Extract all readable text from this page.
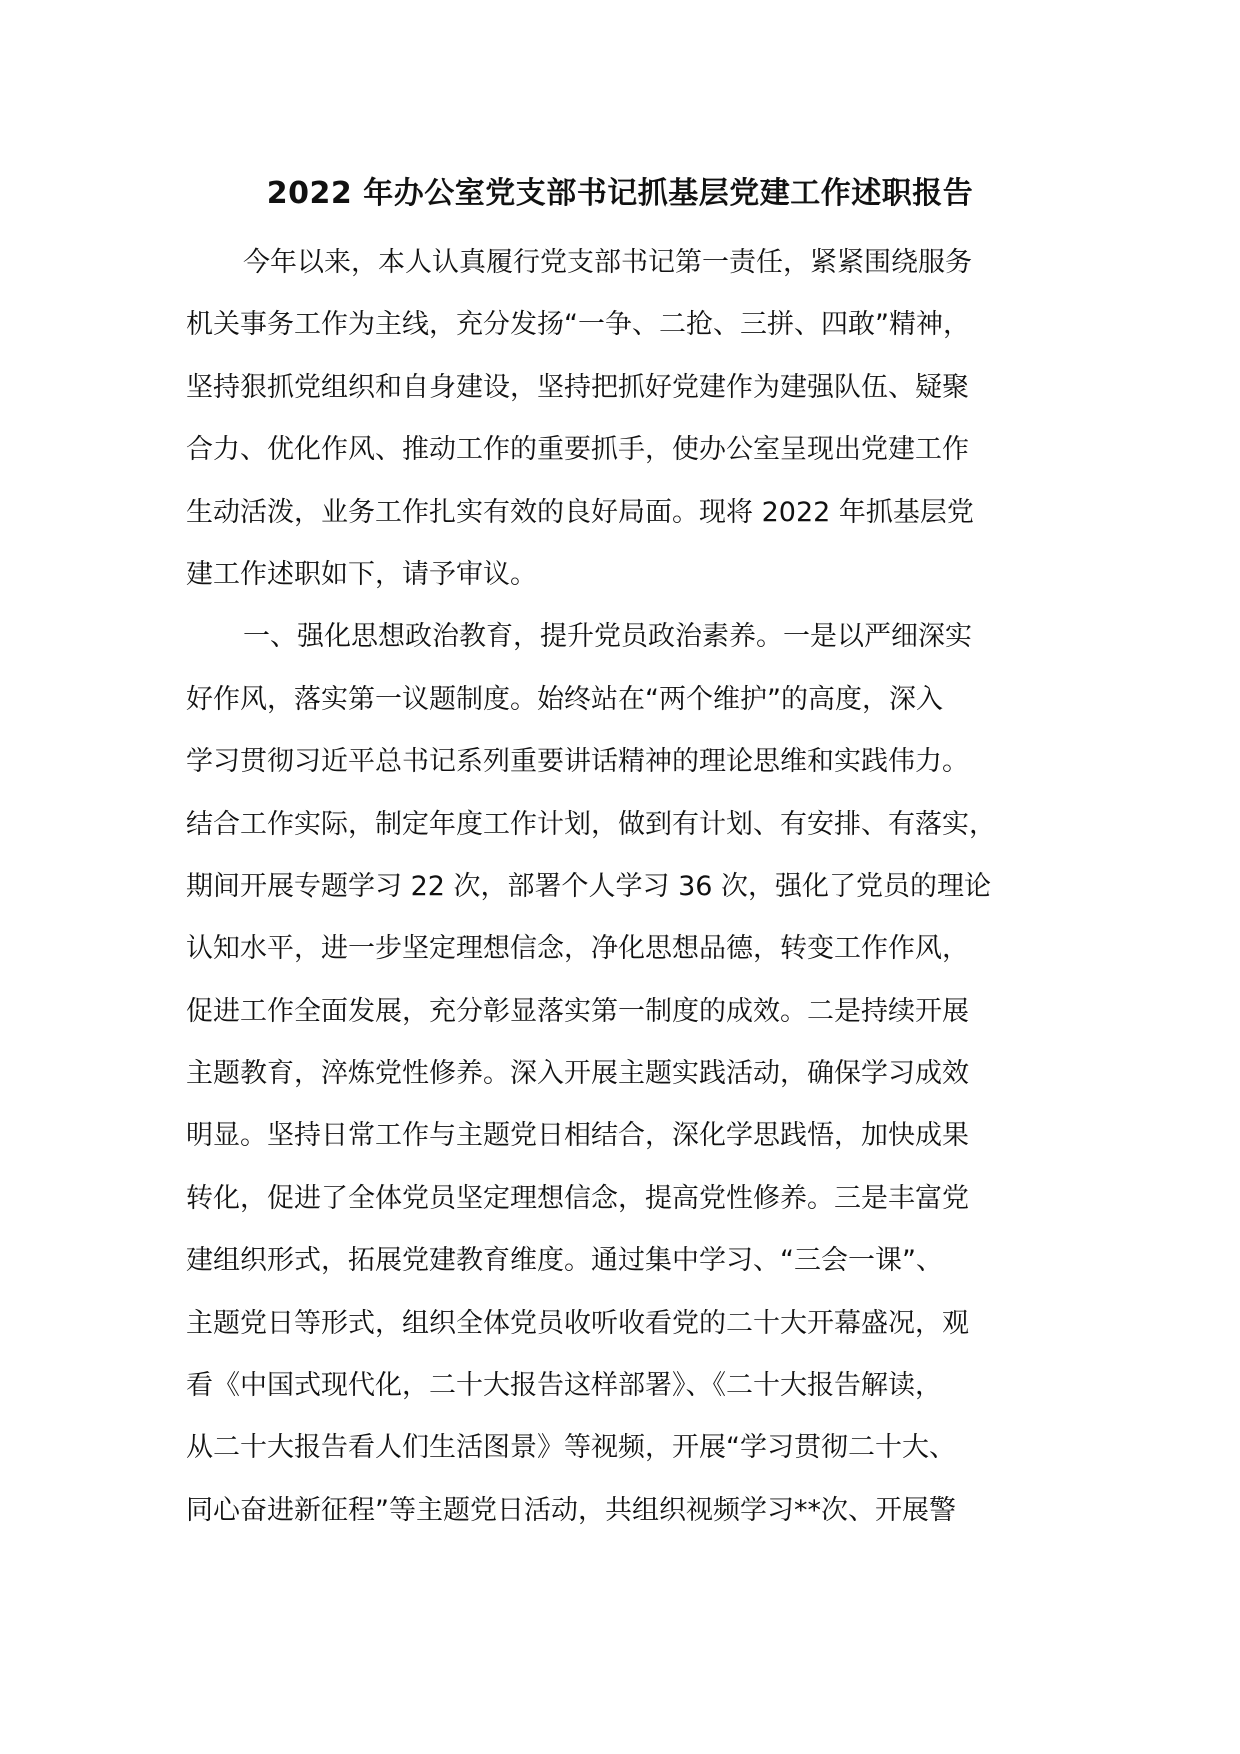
2022 年办公室党支部书记抓基层党建工作述职报告
今年以来，本人认真履行党支部书记第一责任，紧紧围绕服务
机关事务工作为主线，充分发扬“一争、二抢、三拼、四敢”精神，
坚持狠抓党组织和自身建设，坚持把抓好党建作为建强队伍、疑聚
合力、优化作风、推动工作的重要抓手，使办公室呈现出党建工作
生动活泼，业务工作扎实有效的良好局面。现将 2022 年抓基层党
建工作述职如下，请予审议。
一、强化思想政治教育，提升党员政治素养。一是以严细深实
好作风，落实第一议题制度。始终站在“两个维护”的高度，深入
学习贯彻习近平总书记系列重要讲话精神的理论思维和实践伟力。
结合工作实际，制定年度工作计划，做到有计划、有安排、有落实，
期间开展专题学习 22 次，部署个人学习 36 次，强化了党员的理论
认知水平，进一步坚定理想信念，净化思想品德，转变工作作风，
促进工作全面发展，充分彰显落实第一制度的成效。二是持续开展
主题教育，淬炼党性修养。深入开展主题实践活动，确保学习成效
明显。坚持日常工作与主题党日相结合，深化学思践悟，加快成果
转化，促进了全体党员坚定理想信念，提高党性修养。三是丰富党
建组织形式，拓展党建教育维度。通过集中学习、“三会一课”、
主题党日等形式，组织全体党员收听收看党的二十大开幕盛况，观
看《中国式现代化，二十大报告这样部署》、《二十大报告解读，
从二十大报告看人们生活图景》等视频，开展“学习贯彻二十大、
同心奋进新征程”等主题党日活动，共组织视频学习**次、开展警
